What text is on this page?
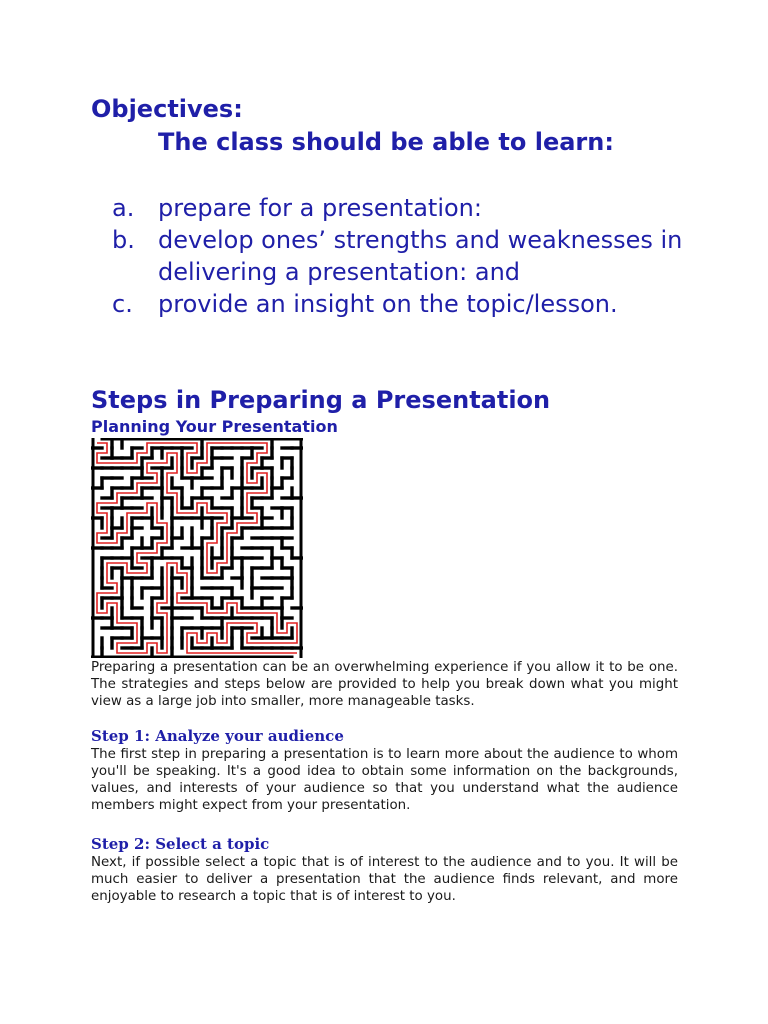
Objectives:
The class should be able to learn:
a. prepare for a presentation:
b. develop ones’ strengths and weaknesses in delivering a presentation: and
c.	provide an insight on the topic/lesson.
Steps in Preparing a Presentation
Planning Your Presentation

Preparing a presentation can be an overwhelming experience if you allow it to be one. The strategies and steps below are provided to help you break down what you might view as a large job into smaller, more manageable tasks.

Step 1: Analyze your audience

The first step in preparing a presentation is to learn more about the audience to whom you'll be speaking. It's a good idea to obtain some information on the backgrounds, values, and interests of your audience so that you understand what the audience members might expect from your presentation.

Step 2: Select a topic

Next, if possible select a topic that is of interest to the audience and to you. It will be much easier to deliver a presentation that the audience finds relevant, and more enjoyable to research a topic that is of interest to you.
